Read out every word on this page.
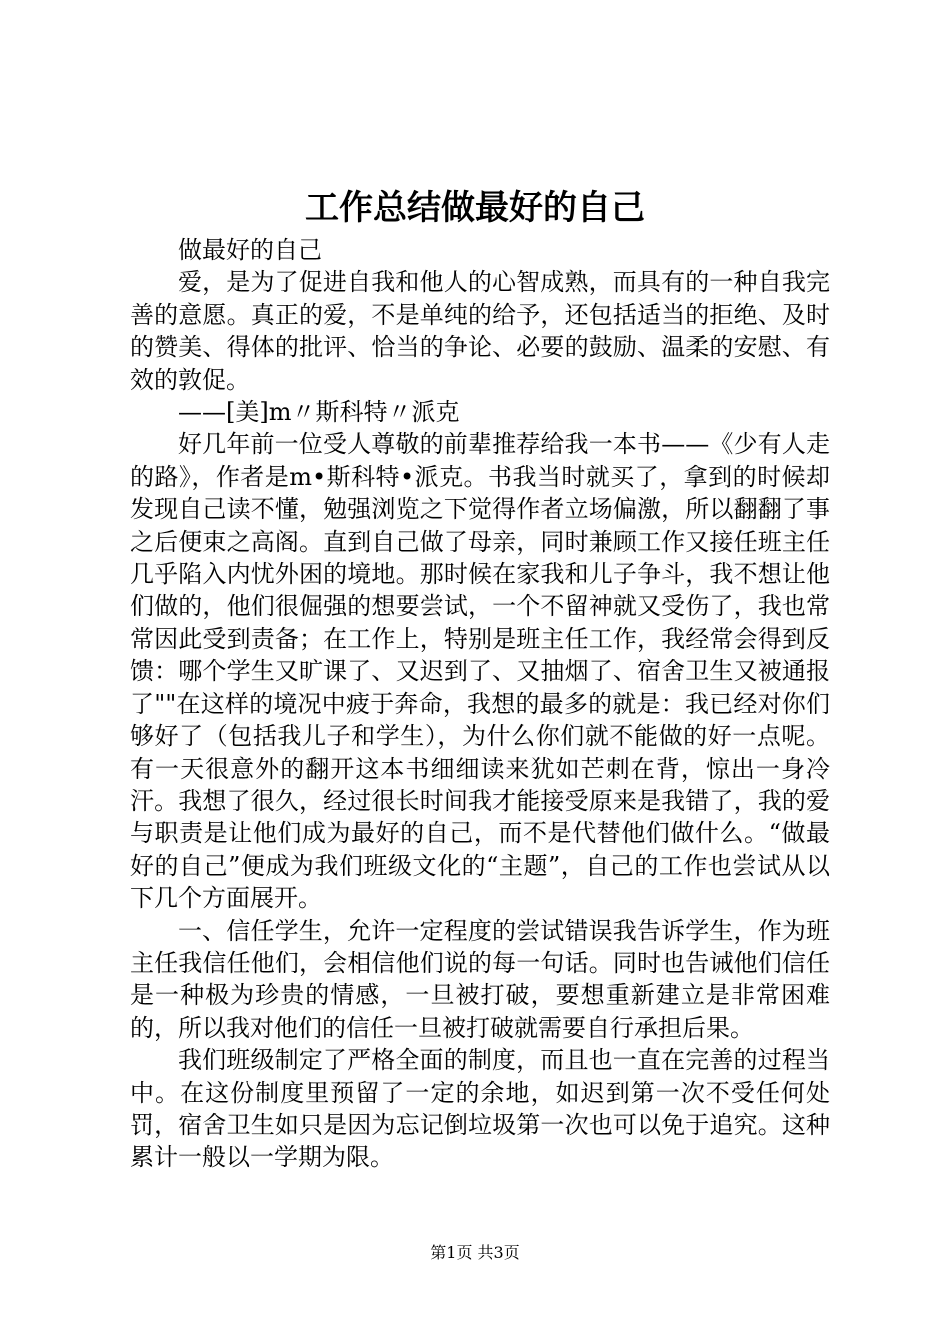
工作总结做最好的自己

做最好的自己

爱，是为了促进自我和他人的心智成熟，而具有的一种自我完善的意愿。真正的爱，不是单纯的给予，还包括适当的拒绝、及时的赞美、得体的批评、恰当的争论、必要的鼓励、温柔的安慰、有效的敦促。

——[美]m〃斯科特〃派克

好几年前一位受人尊敬的前辈推荐给我一本书——《少有人走的路》，作者是m•斯科特•派克。书我当时就买了，拿到的时候却发现自己读不懂，勉强浏览之下觉得作者立场偏激，所以翻翻了事之后便束之高阁。直到自己做了母亲，同时兼顾工作又接任班主任几乎陷入内忧外困的境地。那时候在家我和儿子争斗，我不想让他们做的，他们很倔强的想要尝试，一个不留神就又受伤了，我也常常因此受到责备；在工作上，特别是班主任工作，我经常会得到反馈：哪个学生又旷课了、又迟到了、又抽烟了、宿舍卫生又被通报了""在这样的境况中疲于奔命，我想的最多的就是：我已经对你们够好了（包括我儿子和学生），为什么你们就不能做的好一点呢。有一天很意外的翻开这本书细细读来犹如芒刺在背，惊出一身冷汗。我想了很久，经过很长时间我才能接受原来是我错了，我的爱与职责是让他们成为最好的自己，而不是代替他们做什么。“做最好的自己”便成为我们班级文化的“主题”，自己的工作也尝试从以下几个方面展开。

一、信任学生，允许一定程度的尝试错误我告诉学生，作为班主任我信任他们，会相信他们说的每一句话。同时也告诫他们信任是一种极为珍贵的情感，一旦被打破，要想重新建立是非常困难的，所以我对他们的信任一旦被打破就需要自行承担后果。

我们班级制定了严格全面的制度，而且也一直在完善的过程当中。在这份制度里预留了一定的余地，如迟到第一次不受任何处罚，宿舍卫生如只是因为忘记倒垃圾第一次也可以免于追究。这种累计一般以一学期为限。

第1页 共3页
